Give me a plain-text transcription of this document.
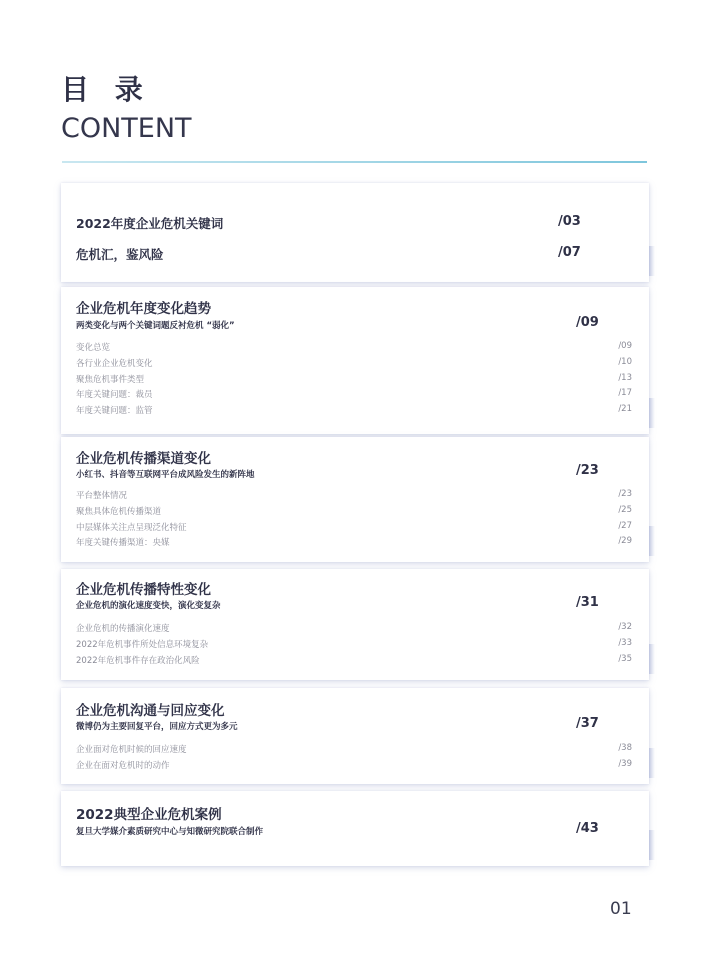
目 录
CONTENT
2022年度企业危机关键词	/03
危机汇，鉴风险	/07
企业危机年度变化趋势
两类变化与两个关键词题反衬危机 “弱化”	/09
变化总览	/09
各行业企业危机变化	/10
聚焦危机事件类型	/13
年度关键问题：裁员	/17
年度关键问题：监管	/21
企业危机传播渠道变化
小红书、抖音等互联网平台成风险发生的新阵地	/23
平台整体情况	/23
聚焦具体危机传播渠道	/25
中层媒体关注点呈现泛化特征	/27
年度关键传播渠道：央媒	/29
企业危机传播特性变化
企业危机的演化速度变快，演化变复杂	/31
企业危机的传播演化速度	/32
2022年危机事件所处信息环境复杂	/33
2022年危机事件存在政治化风险	/35
企业危机沟通与回应变化
微博仍为主要回复平台，回应方式更为多元	/37
企业面对危机时候的回应速度	/38
企业在面对危机时的动作	/39
2022典型企业危机案例
复旦大学媒介素质研究中心与知微研究院联合制作	/43
01
